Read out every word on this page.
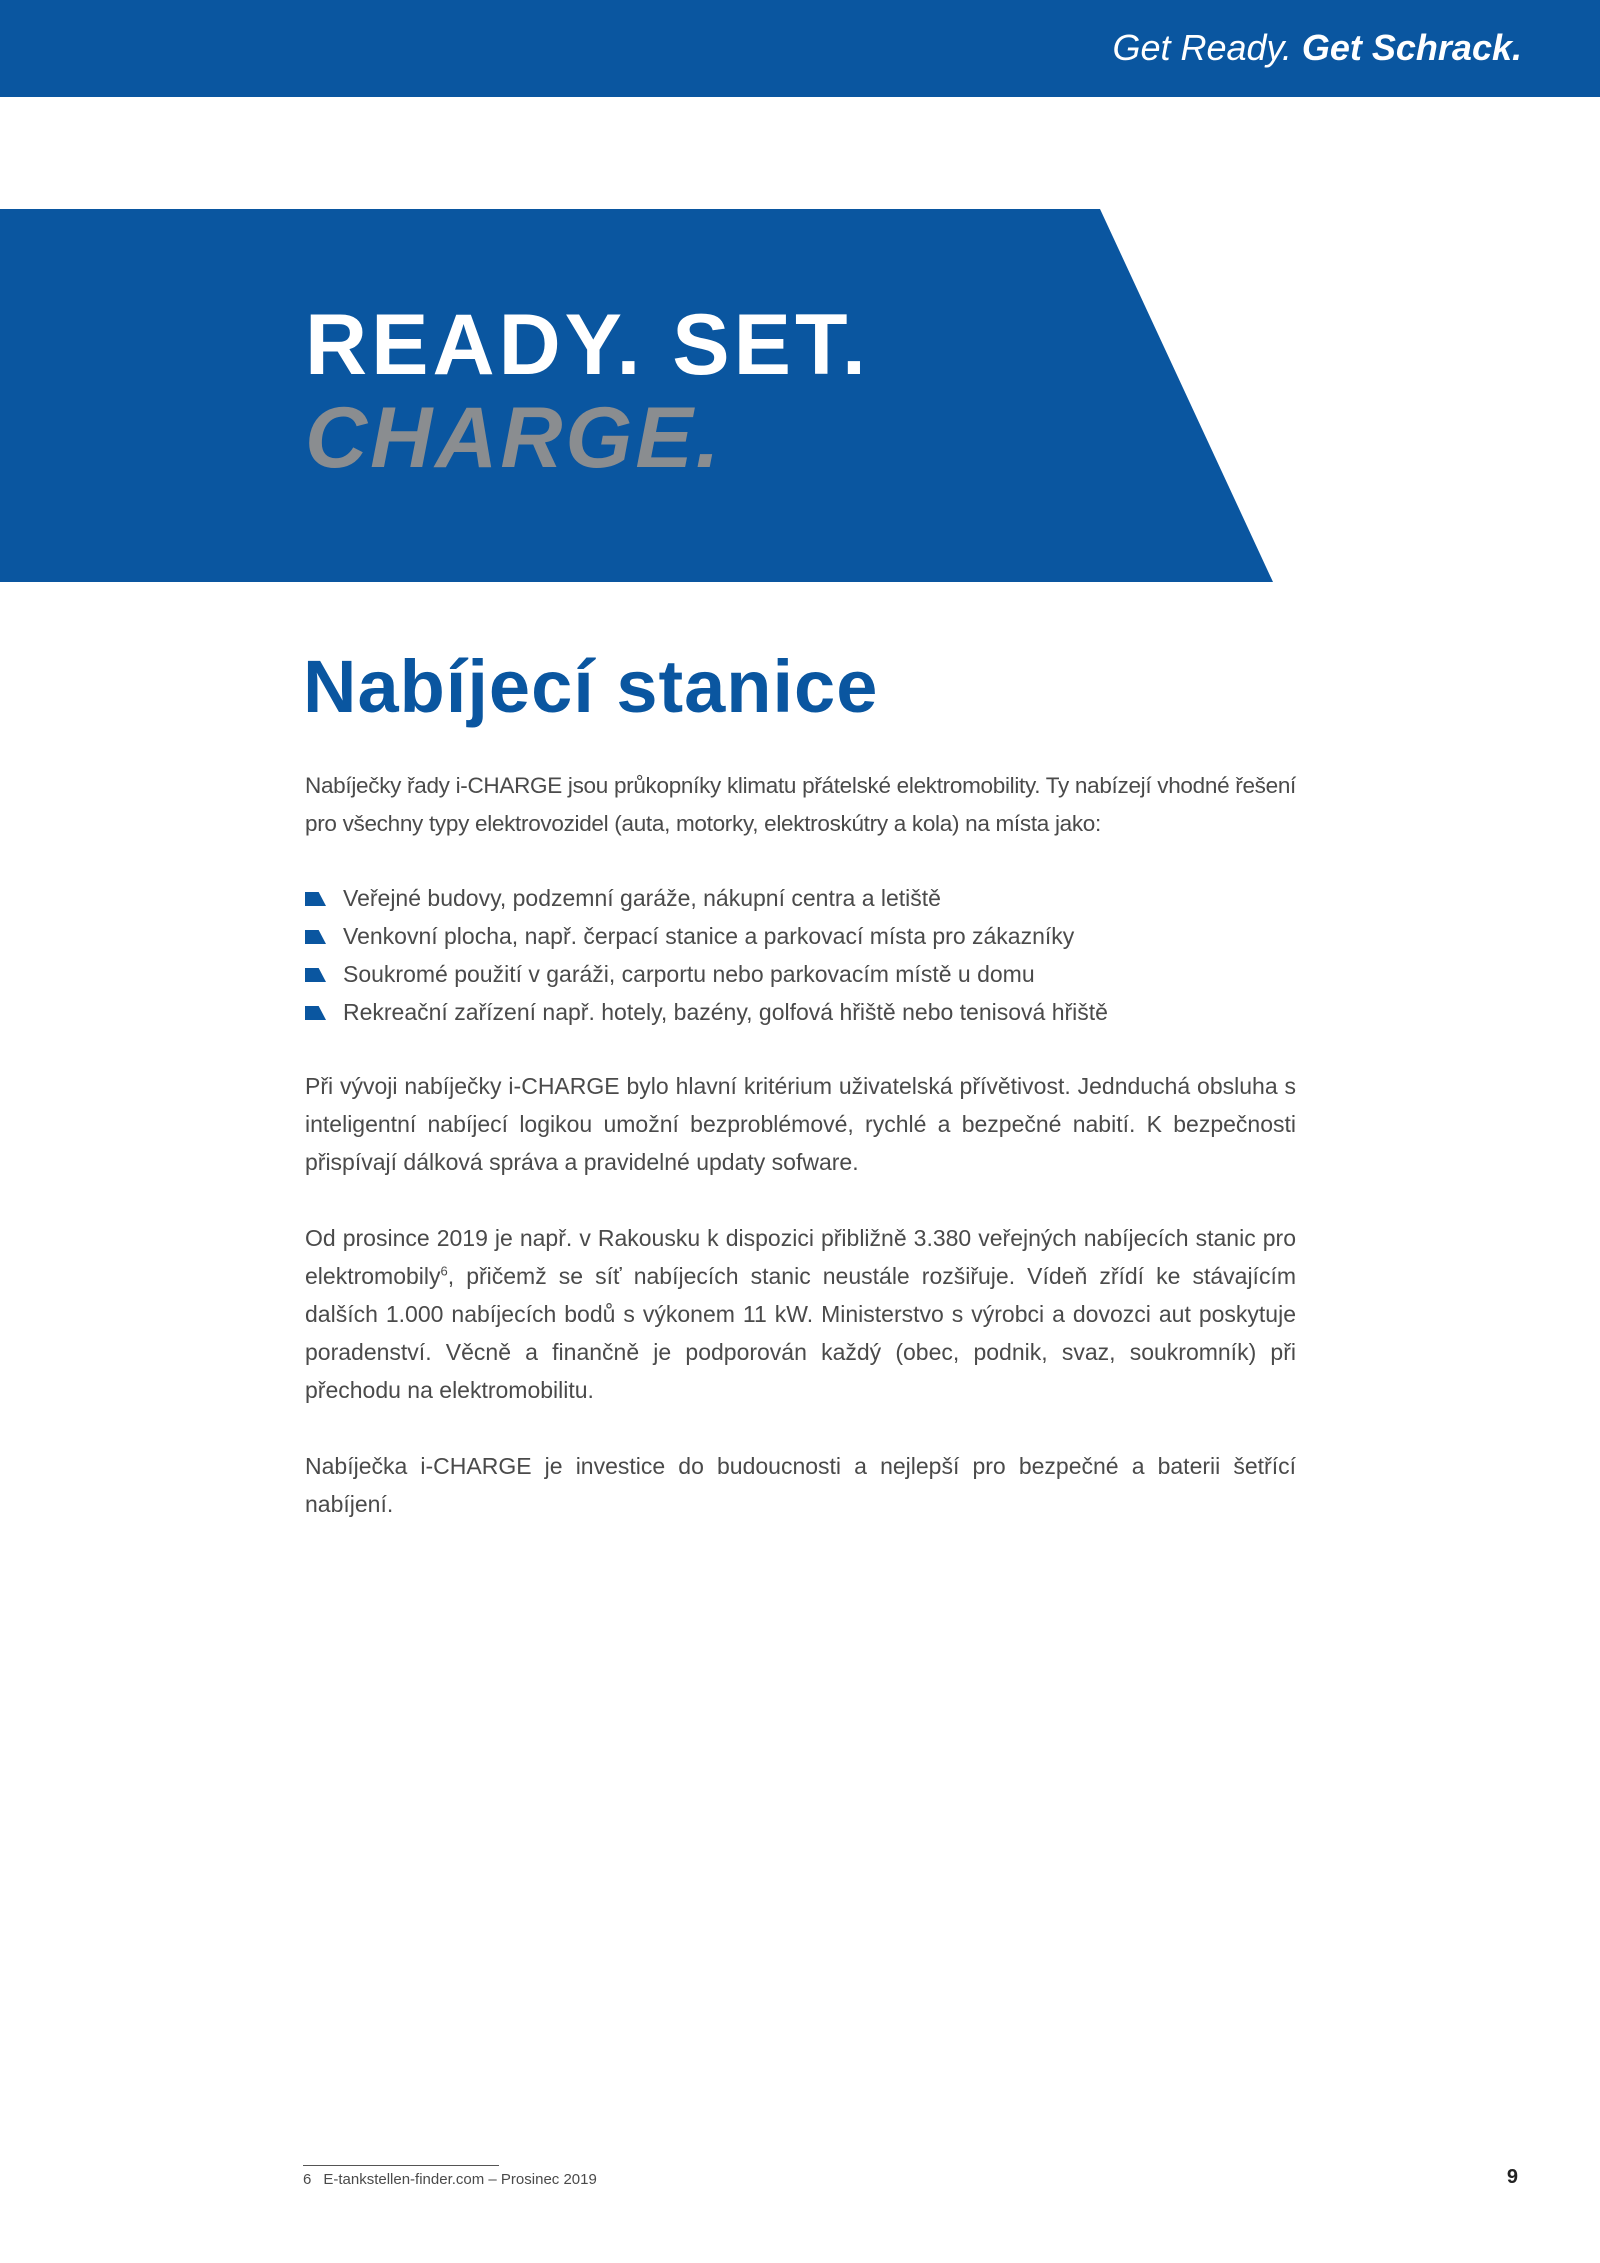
Get Ready. Get Schrack.
READY. SET.
CHARGE.
Nabíjecí stanice

Nabíječky řady i-CHARGE jsou průkopníky klimatu přátelské elektromobility. Ty nabízejí vhodné řešení pro všechny typy elektrovozidel (auta, motorky, elektroskútry a kola) na místa jako:

Veřejné budovy, podzemní garáže, nákupní centra a letiště
Venkovní plocha, např. čerpací stanice a parkovací místa pro zákazníky
Soukromé použití v garáži, carportu nebo parkovacím místě u domu
Rekreační zařízení např. hotely, bazény, golfová hřiště nebo tenisová hřiště

Při vývoji nabíječky i-CHARGE bylo hlavní kritérium uživatelská přívětivost. Jednduchá obsluha s inteligentní nabíjecí logikou umožní bezproblémové, rychlé a bezpečné nabití. K bezpečnosti přispívají dálková správa a pravidelné updaty sofware.

Od prosince 2019 je např. v Rakousku k dispozici přibližně 3.380 veřejných nabíjecích stanic pro elektromobily$^6$, přičemž se síť nabíjecích stanic neustále rozšiřuje. Vídeň zřídí ke stávajícím dalších 1.000 nabíjecích bodů s výkonem 11 kW. Ministerstvo s výrobci a dovozci aut poskytuje poradenství. Věcně a finančně je podporován každý (obec, podnik, svaz, soukromník) při přechodu na elektromobilitu.

Nabíječka i-CHARGE je investice do budoucnosti a nejlepší pro bezpečné a baterii šetřící nabíjení.

6 E-tankstellen-finder.com – Prosinec 2019	9
